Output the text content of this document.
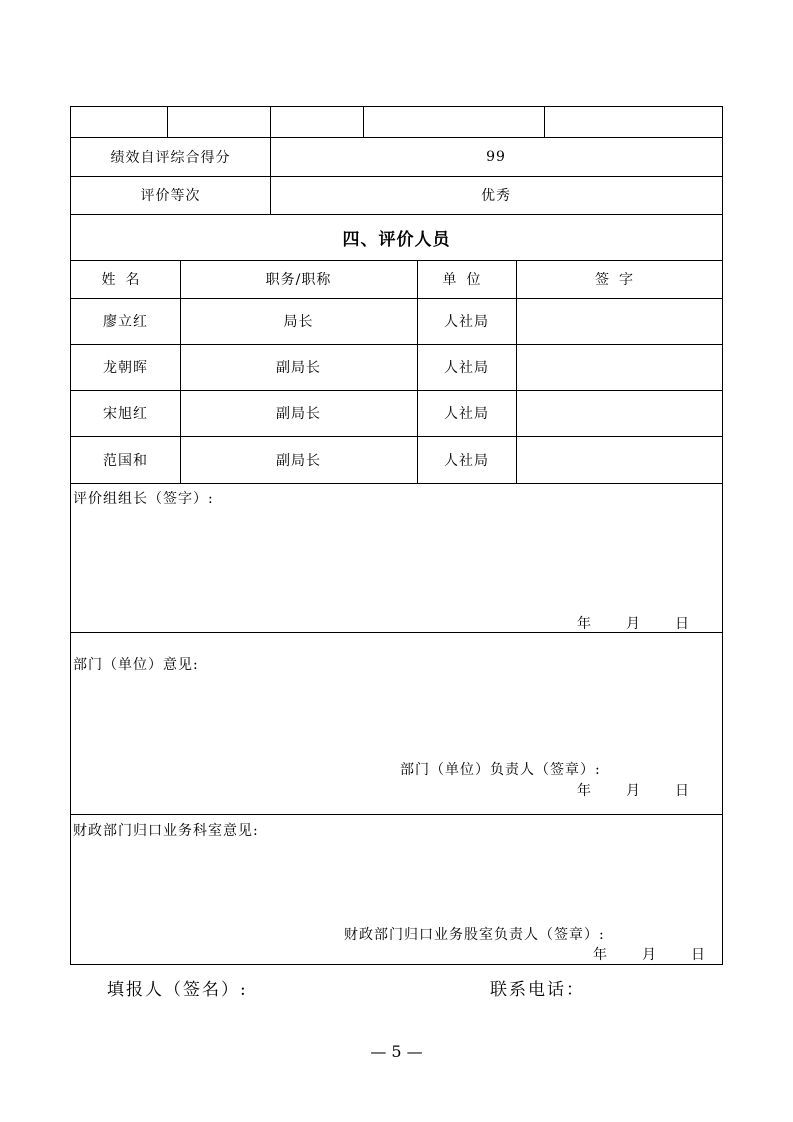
绩效自评综合得分	99
评价等次	优秀
四、评价人员
姓名	职务/职称	单位	签字
廖立红	局长	人社局
龙朝晖	副局长	人社局
宋旭红	副局长	人社局
范国和	副局长	人社局
评价组组长（签字）:
年 月 日
部门（单位）意见:
部门（单位）负责人（签章）:
年 月 日
财政部门归口业务科室意见:
财政部门归口业务股室负责人（签章）:
年 月 日
填报人（签名）:	联系电话：
— 5 —
